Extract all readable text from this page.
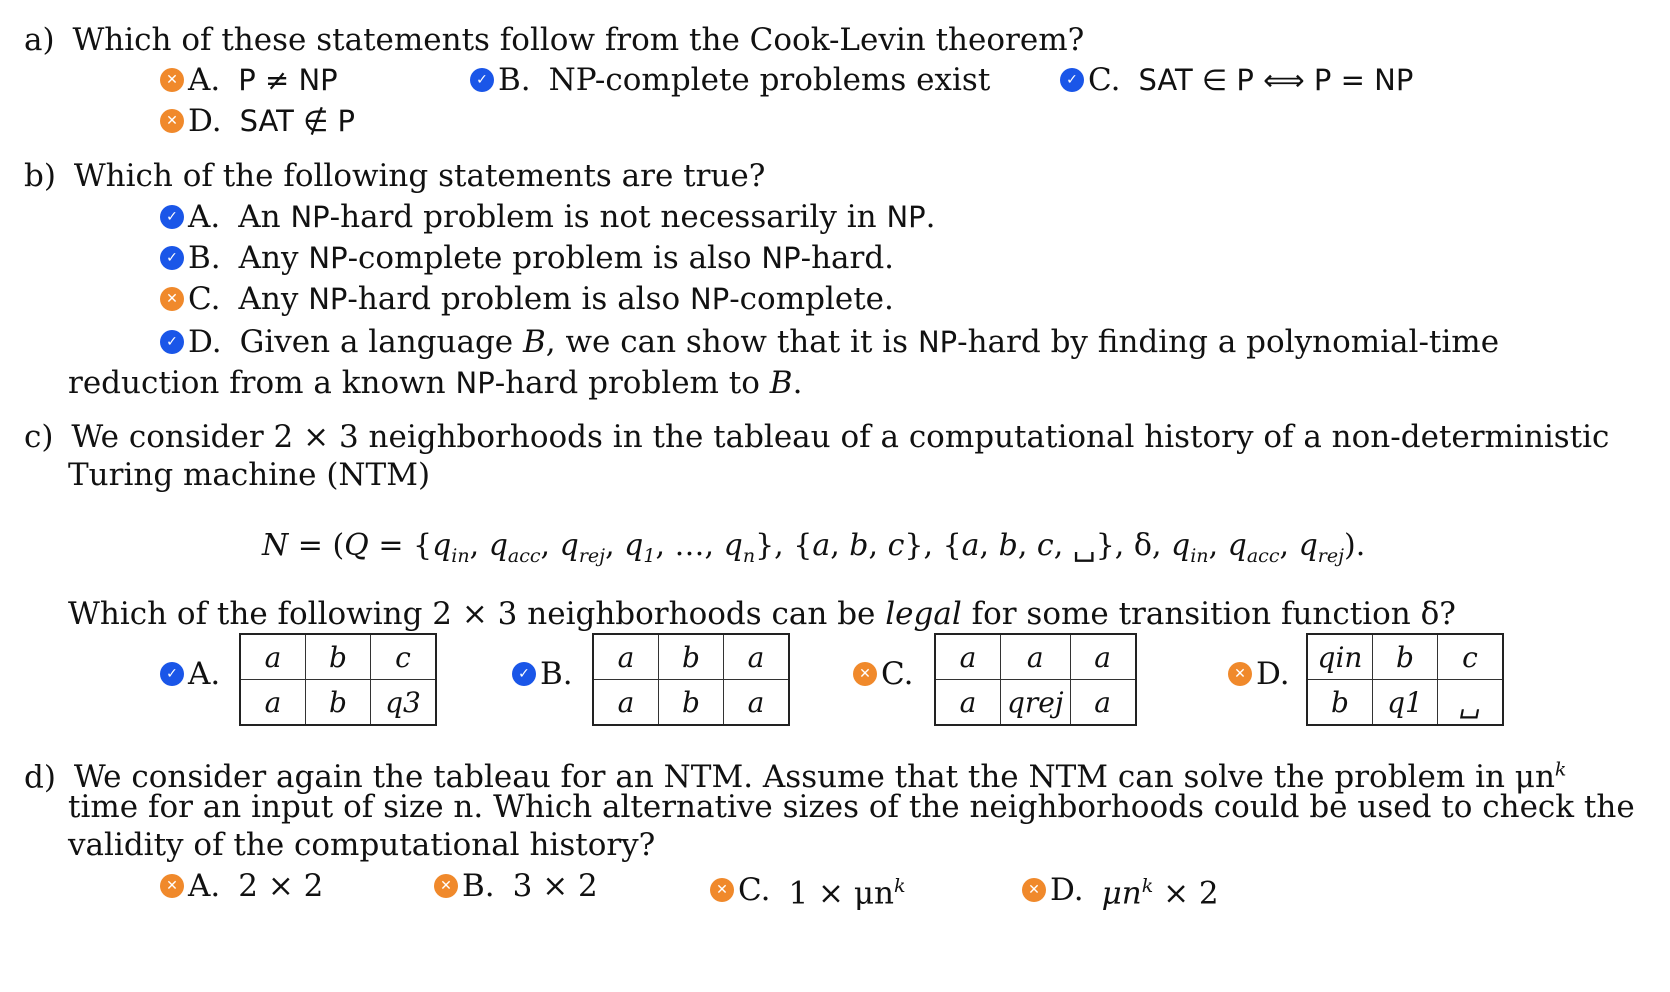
a) Which of these statements follow from the Cook-Levin theorem?
✕ A. P ≠ NP	✓ B. NP-complete problems exist	✓ C. SAT ∈ P ⟺ P = NP
✕ D. SAT ∉ P
b) Which of the following statements are true?
✓ A. An NP-hard problem is not necessarily in NP.
✓ B. Any NP-complete problem is also NP-hard.
✕ C. Any NP-hard problem is also NP-complete.
✓ D. Given a language B, we can show that it is NP-hard by finding a polynomial-time
reduction from a known NP-hard problem to B.
c) We consider 2 × 3 neighborhoods in the tableau of a computational history of a non-deterministic
Turing machine (NTM)
$N = (Q = \{q_{in}$, $q_{acc}$, $q_{rej}$, $q_1$, …, $q_n$}, {a, b, c}, {a, b, c, ␣}, δ, $q_{in}$, $q_{acc}$, $q_{rej}$).
Which of the following 2 × 3 neighborhoods can be legal for some transition function δ?
✓ A. a	b	c
a	b	q3
✓ B. a	b	a
a	b	a
✕ C. a	a	a
a	qrej	a
✕ D. qin	b	c
b	q1	␣
d) We consider again the tableau for an NTM. Assume that the NTM can solve the problem in $\mu n^k$
time for an input of size n. Which alternative sizes of the neighborhoods could be used to check the
validity of the computational history?
✕ A. 2 × 2	✕ B. 3 × 2	✕ C. $1 \times \mu n^k$	✕ D. $\mu n^k \times 2$
